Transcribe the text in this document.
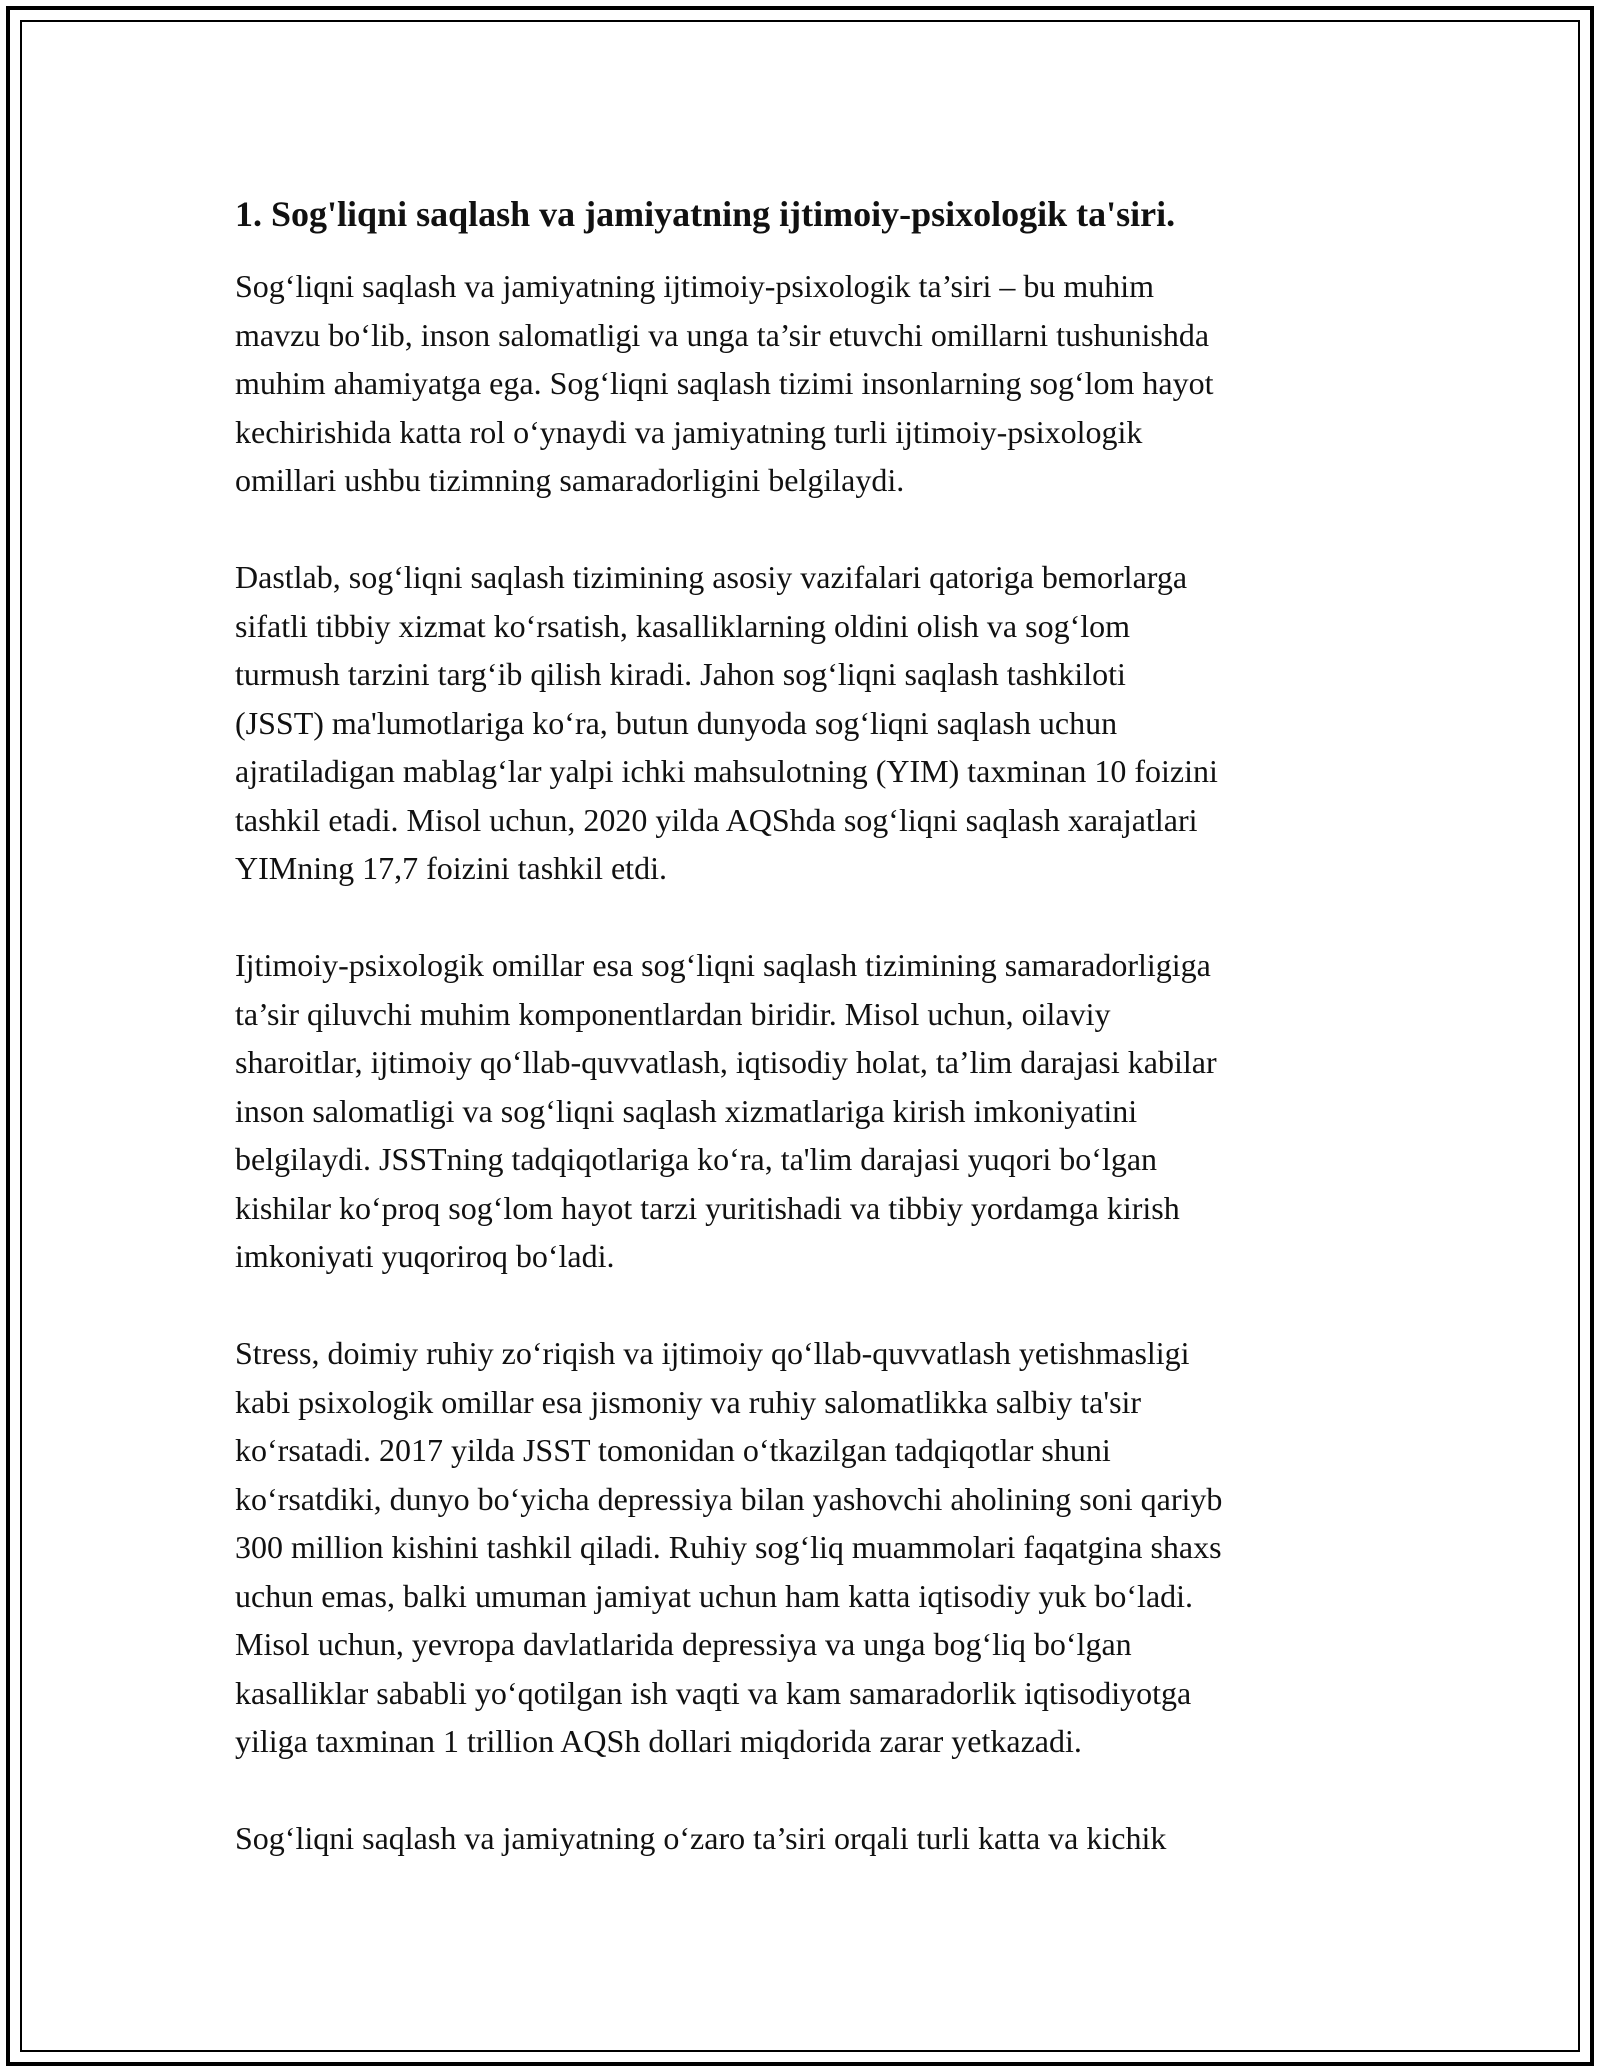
1. Sog'liqni saqlash va jamiyatning ijtimoiy-psixologik ta'siri.

Sog‘liqni saqlash va jamiyatning ijtimoiy-psixologik ta’siri – bu muhim
mavzu bo‘lib, inson salomatligi va unga ta’sir etuvchi omillarni tushunishda
muhim ahamiyatga ega. Sog‘liqni saqlash tizimi insonlarning sog‘lom hayot
kechirishida katta rol o‘ynaydi va jamiyatning turli ijtimoiy-psixologik
omillari ushbu tizimning samaradorligini belgilaydi.

Dastlab, sog‘liqni saqlash tizimining asosiy vazifalari qatoriga bemorlarga
sifatli tibbiy xizmat ko‘rsatish, kasalliklarning oldini olish va sog‘lom
turmush tarzini targ‘ib qilish kiradi. Jahon sog‘liqni saqlash tashkiloti
(JSST) ma'lumotlariga ko‘ra, butun dunyoda sog‘liqni saqlash uchun
ajratiladigan mablag‘lar yalpi ichki mahsulotning (YIM) taxminan 10 foizini
tashkil etadi. Misol uchun, 2020 yilda AQShda sog‘liqni saqlash xarajatlari
YIMning 17,7 foizini tashkil etdi.

Ijtimoiy-psixologik omillar esa sog‘liqni saqlash tizimining samaradorligiga
ta’sir qiluvchi muhim komponentlardan biridir. Misol uchun, oilaviy
sharoitlar, ijtimoiy qo‘llab-quvvatlash, iqtisodiy holat, ta’lim darajasi kabilar
inson salomatligi va sog‘liqni saqlash xizmatlariga kirish imkoniyatini
belgilaydi. JSSTning tadqiqotlariga ko‘ra, ta'lim darajasi yuqori bo‘lgan
kishilar ko‘proq sog‘lom hayot tarzi yuritishadi va tibbiy yordamga kirish
imkoniyati yuqoriroq bo‘ladi.

Stress, doimiy ruhiy zo‘riqish va ijtimoiy qo‘llab-quvvatlash yetishmasligi
kabi psixologik omillar esa jismoniy va ruhiy salomatlikka salbiy ta'sir
ko‘rsatadi. 2017 yilda JSST tomonidan o‘tkazilgan tadqiqotlar shuni
ko‘rsatdiki, dunyo bo‘yicha depressiya bilan yashovchi aholining soni qariyb
300 million kishini tashkil qiladi. Ruhiy sog‘liq muammolari faqatgina shaxs
uchun emas, balki umuman jamiyat uchun ham katta iqtisodiy yuk bo‘ladi.
Misol uchun, yevropa davlatlarida depressiya va unga bog‘liq bo‘lgan
kasalliklar sababli yo‘qotilgan ish vaqti va kam samaradorlik iqtisodiyotga
yiliga taxminan 1 trillion AQSh dollari miqdorida zarar yetkazadi.

Sog‘liqni saqlash va jamiyatning o‘zaro ta’siri orqali turli katta va kichik
